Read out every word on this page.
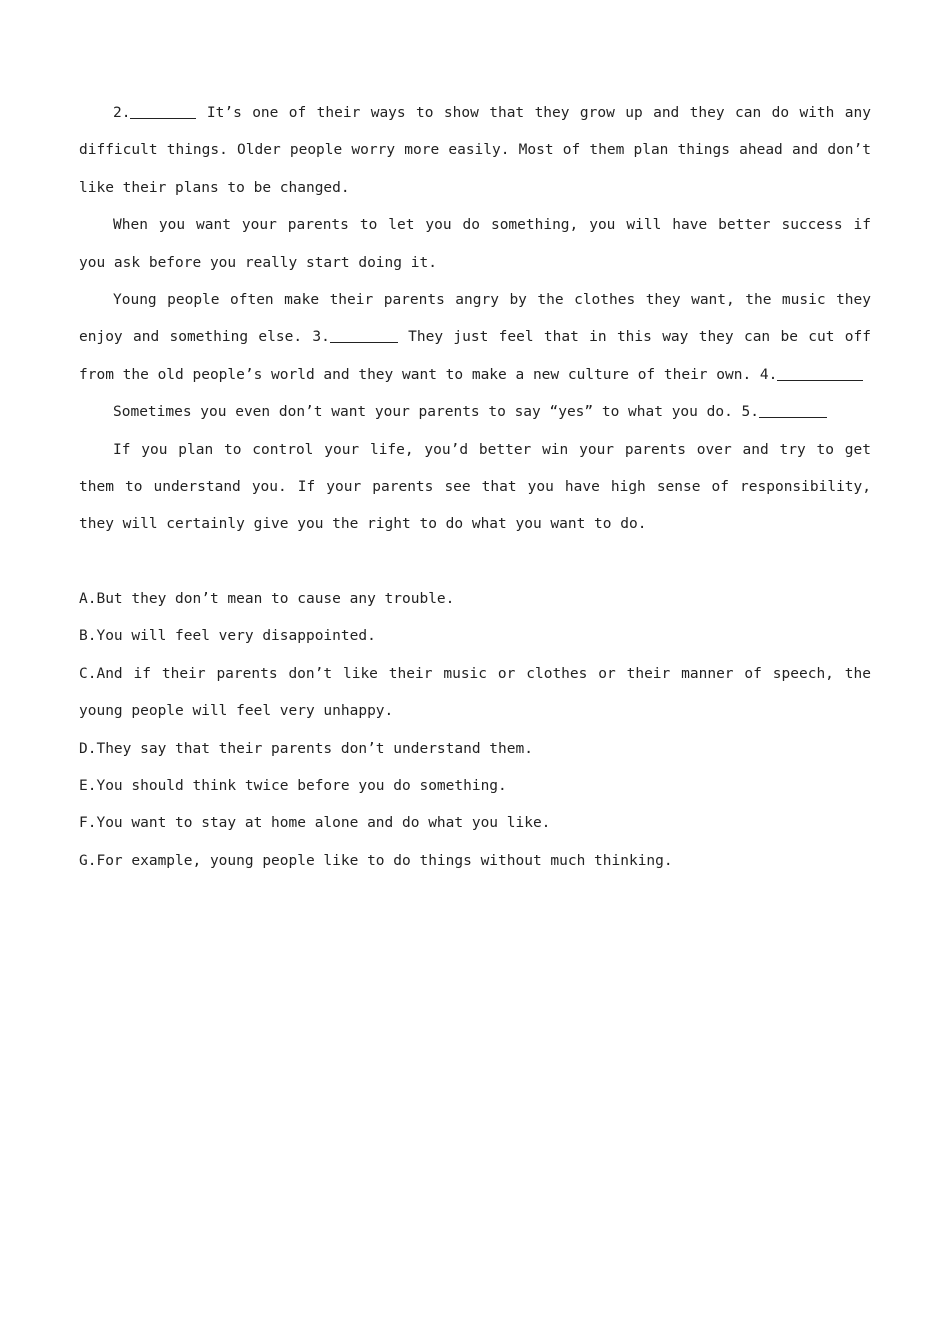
2.	It’s one of their ways to show that they grow up and they can do with any difficult things. Older people worry more easily. Most of them plan things ahead and don’t like their plans to be changed.

When you want your parents to let you do something, you will have better success if you ask before you really start doing it.

Young people often make their parents angry by the clothes they want, the music they enjoy and something else. 3.	They just feel that in this way they can be cut off from the old people’s world and they want to make a new culture of their own. 4.

Sometimes you even don’t want your parents to say “yes” to what you do. 5.

If you plan to control your life, you’d better win your parents over and try to get them to understand you. If your parents see that you have high sense of responsibility, they will certainly give you the right to do what you want to do.

A.But they don’t mean to cause any trouble.

B.You will feel very disappointed.

C.And if their parents don’t like their music or clothes or their manner of speech, the young people will feel very unhappy.

D.They say that their parents don’t understand them.

E.You should think twice before you do something.

F.You want to stay at home alone and do what you like.

G.For example, young people like to do things without much thinking.
